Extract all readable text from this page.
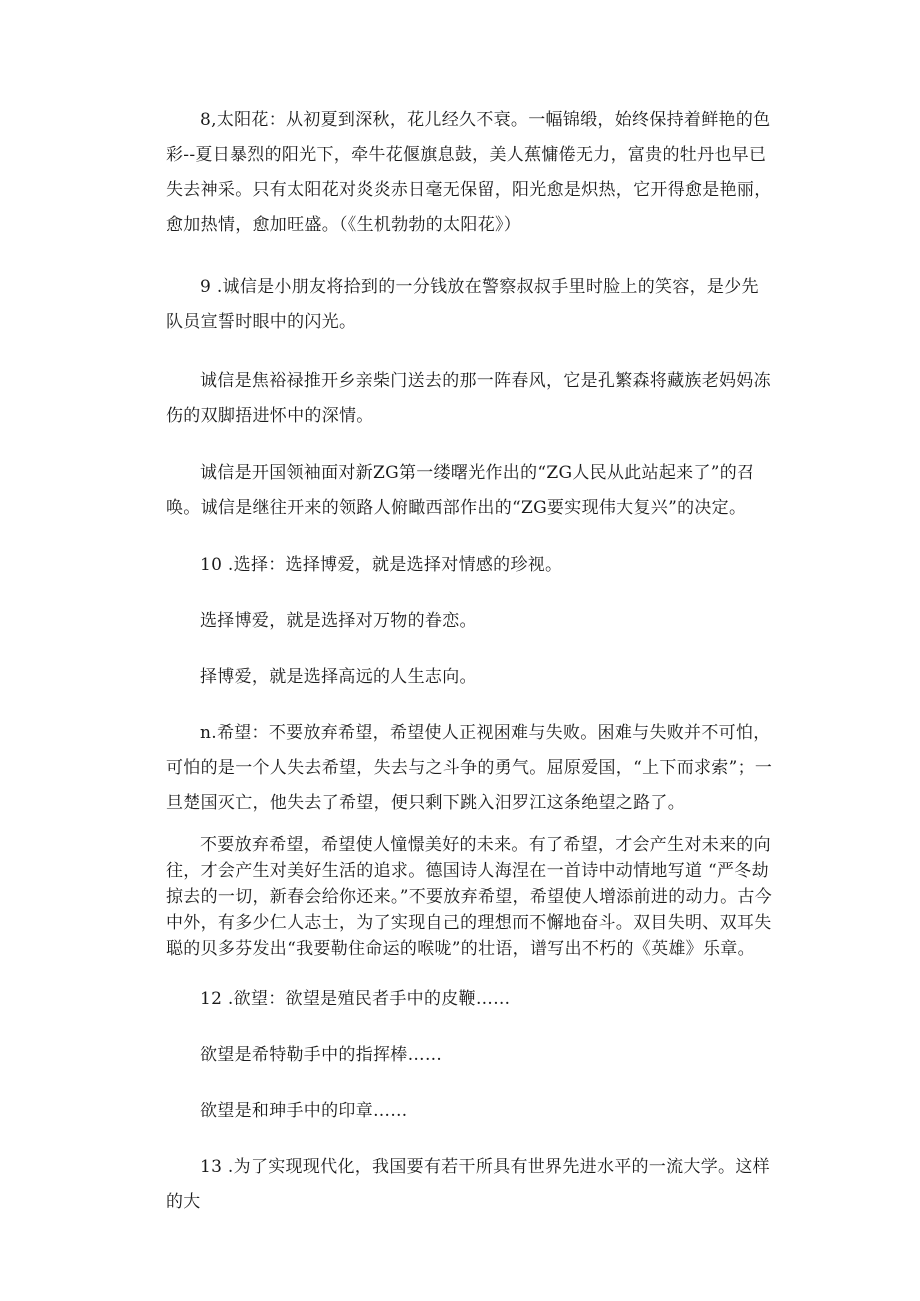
8,太阳花：从初夏到深秋，花儿经久不衰。一幅锦缎，始终保持着鲜艳的色彩--夏日暴烈的阳光下，牵牛花偃旗息鼓，美人蕉慵倦无力，富贵的牡丹也早已失去神采。只有太阳花对炎炎赤日毫无保留，阳光愈是炽热，它开得愈是艳丽，愈加热情，愈加旺盛。（《生机勃勃的太阳花》）

9 .诚信是小朋友将拾到的一分钱放在警察叔叔手里时脸上的笑容，是少先队员宣誓时眼中的闪光。

诚信是焦裕禄推开乡亲柴门送去的那一阵春风，它是孔繁森将藏族老妈妈冻伤的双脚捂进怀中的深情。

诚信是开国领袖面对新ZG第一缕曙光作出的“ZG人民从此站起来了”的召唤。诚信是继往开来的领路人俯瞰西部作出的“ZG要实现伟大复兴”的决定。

10 .选择：选择博爱，就是选择对情感的珍视。

选择博爱，就是选择对万物的眷恋。

择博爱，就是选择高远的人生志向。

n.希望：不要放弃希望，希望使人正视困难与失败。困难与失败并不可怕，可怕的是一个人失去希望，失去与之斗争的勇气。屈原爱国，“上下而求索”；一旦楚国灭亡，他失去了希望，便只剩下跳入汨罗江这条绝望之路了。

不要放弃希望，希望使人憧憬美好的未来。有了希望，才会产生对未来的向往，才会产生对美好生活的追求。德国诗人海涅在一首诗中动情地写道 “严冬劫掠去的一切，新春会给你还来。”不要放弃希望，希望使人增添前进的动力。古今中外，有多少仁人志士，为了实现自己的理想而不懈地奋斗。双目失明、双耳失聪的贝多芬发出“我要勒住命运的喉咙”的壮语，谱写出不朽的《英雄》乐章。

12 .欲望：欲望是殖民者手中的皮鞭……

欲望是希特勒手中的指挥棒……

欲望是和珅手中的印章……

13 .为了实现现代化，我国要有若干所具有世界先进水平的一流大学。这样的大
